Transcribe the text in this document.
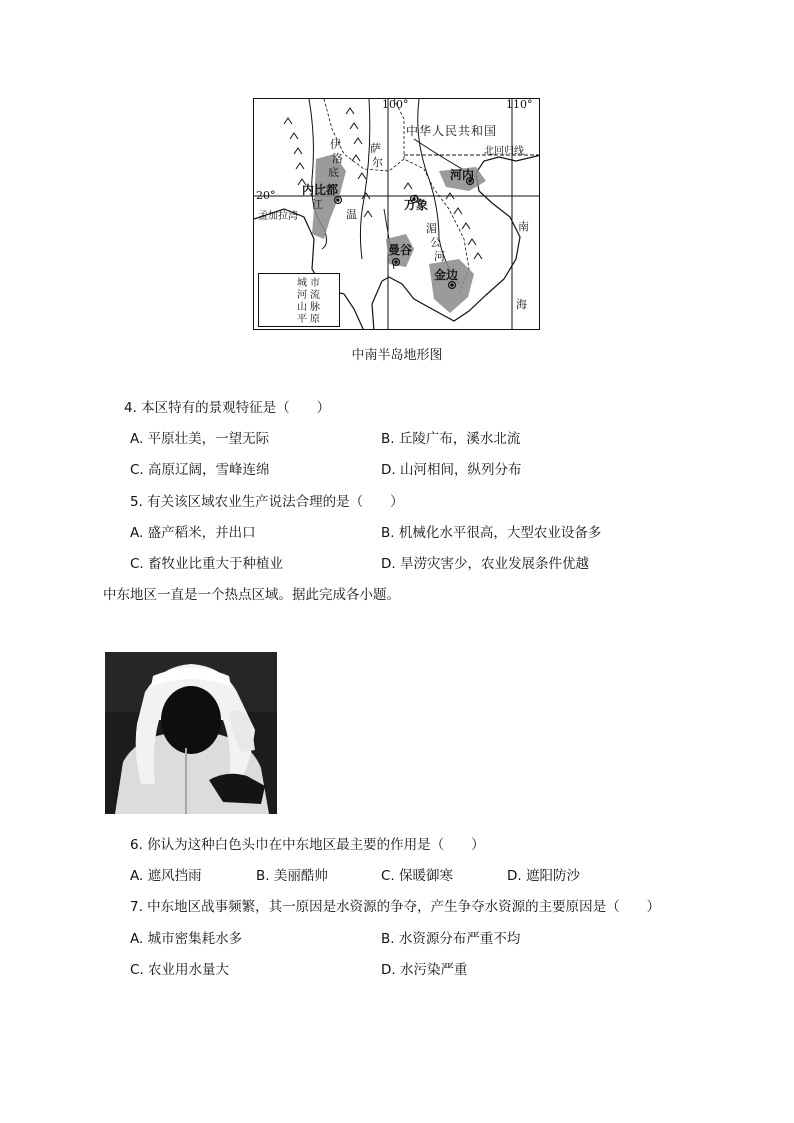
100°	110°
20°
中华人民共和国
北回归线
内比都
河内
万象
曼谷
金边
孟加拉湾
伊
洛
底
江
萨
尔
温
湄
公
河
南
海
城市
河流
山脉
平原
中南半岛地形图
4. 本区特有的景观特征是（　　）
A. 平原壮美，一望无际	B. 丘陵广布，溪水北流
C. 高原辽阔，雪峰连绵	D. 山河相间，纵列分布
5. 有关该区域农业生产说法合理的是（　　）
A. 盛产稻米，并出口	B. 机械化水平很高，大型农业设备多
C. 畜牧业比重大于种植业	D. 旱涝灾害少，农业发展条件优越
中东地区一直是一个热点区域。据此完成各小题。
6. 你认为这种白色头巾在中东地区最主要的作用是（　　）
A. 遮风挡雨	B. 美丽酷帅	C. 保暖御寒	D. 遮阳防沙
7. 中东地区战事频繁，其一原因是水资源的争夺，产生争夺水资源的主要原因是（　　）
A. 城市密集耗水多	B. 水资源分布严重不均
C. 农业用水量大	D. 水污染严重
